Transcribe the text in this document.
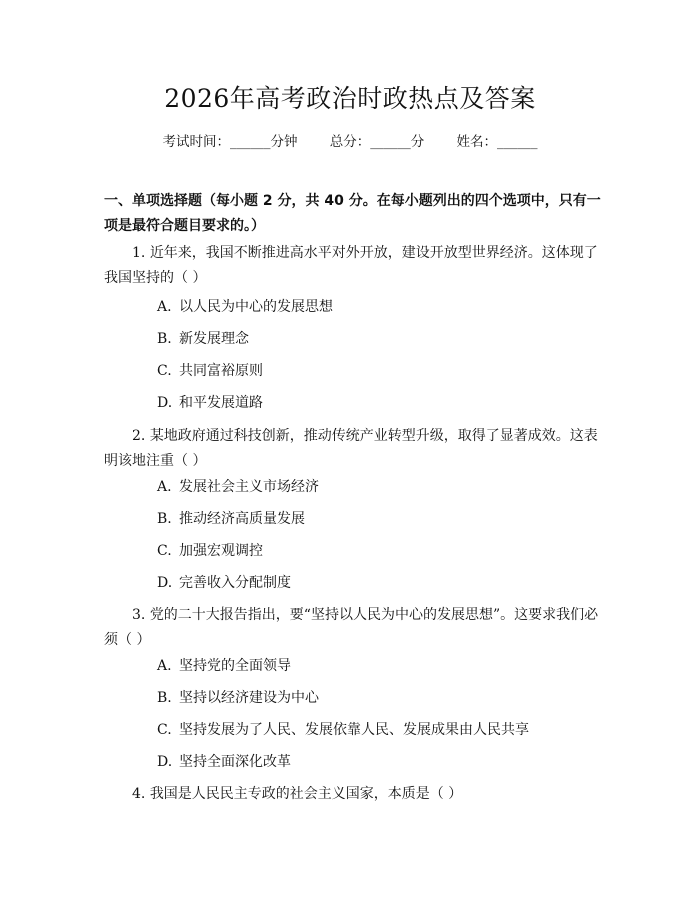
2026年高考政治时政热点及答案
考试时间：______分钟 总分：______分 姓名：______
一、单项选择题（每小题 2 分，共 40 分。在每小题列出的四个选项中，只有一项是最符合题目要求的。）
1. 近年来，我国不断推进高水平对外开放，建设开放型世界经济。这体现了我国坚持的（ ）
A. 以人民为中心的发展思想
B. 新发展理念
C. 共同富裕原则
D. 和平发展道路
2. 某地政府通过科技创新，推动传统产业转型升级，取得了显著成效。这表明该地注重（ ）
A. 发展社会主义市场经济
B. 推动经济高质量发展
C. 加强宏观调控
D. 完善收入分配制度
3. 党的二十大报告指出，要“坚持以人民为中心的发展思想”。这要求我们必须（ ）
A. 坚持党的全面领导
B. 坚持以经济建设为中心
C. 坚持发展为了人民、发展依靠人民、发展成果由人民共享
D. 坚持全面深化改革
4. 我国是人民民主专政的社会主义国家，本质是（ ）
